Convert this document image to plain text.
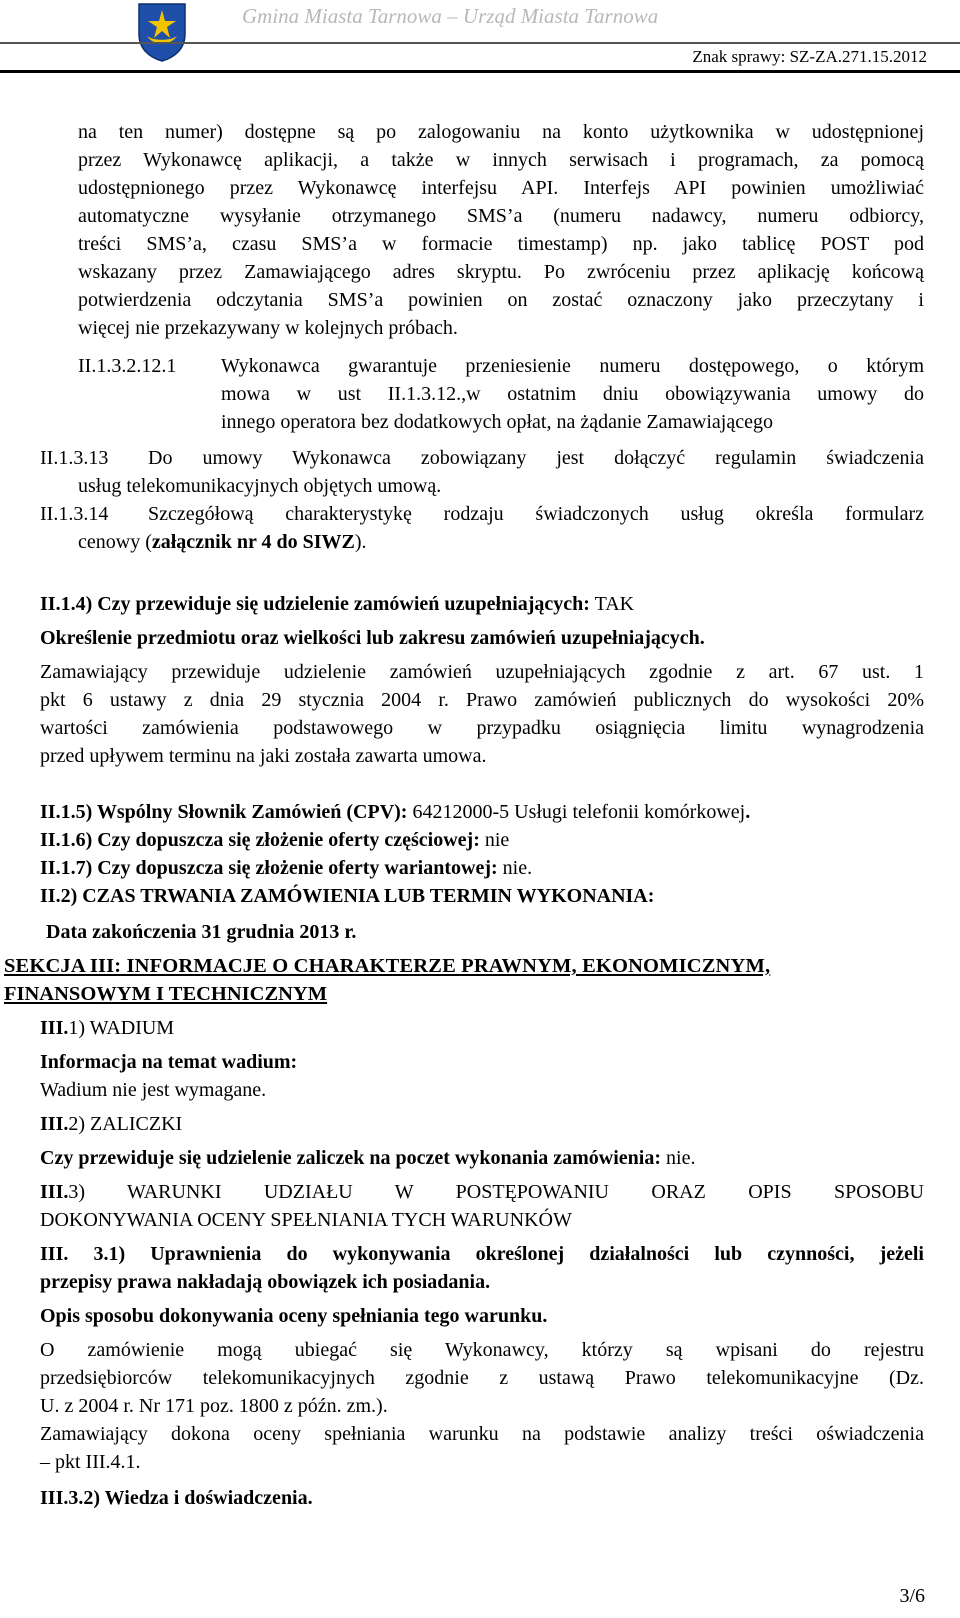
Gmina Miasta Tarnowa – Urząd Miasta Tarnowa
Znak sprawy: SZ-ZA.271.15.2012
na ten numer) dostępne są po zalogowaniu na konto użytkownika w udostępnionej
przez Wykonawcę aplikacji, a także w innych serwisach i programach, za pomocą
udostępnionego przez Wykonawcę interfejsu API. Interfejs API powinien umożliwiać
automatyczne wysyłanie otrzymanego SMS’a (numeru nadawcy, numeru odbiorcy,
treści SMS’a, czasu SMS’a w formacie timestamp) np. jako tablicę POST pod
wskazany przez Zamawiającego adres skryptu. Po zwróceniu przez aplikację końcową
potwierdzenia odczytania SMS’a powinien on zostać oznaczony jako przeczytany i
więcej nie przekazywany w kolejnych próbach.
II.1.3.2.12.1 Wykonawca gwarantuje przeniesienie numeru dostępowego, o którym
mowa w ust II.1.3.12.,w ostatnim dniu obowiązywania umowy do
innego operatora bez dodatkowych opłat, na żądanie Zamawiającego
II.1.3.13 Do umowy Wykonawca zobowiązany jest dołączyć regulamin świadczenia
usług telekomunikacyjnych objętych umową.
II.1.3.14 Szczegółową charakterystykę rodzaju świadczonych usług określa formularz
cenowy (załącznik nr 4 do SIWZ).
II.1.4) Czy przewiduje się udzielenie zamówień uzupełniających: TAK
Określenie przedmiotu oraz wielkości lub zakresu zamówień uzupełniających.
Zamawiający przewiduje udzielenie zamówień uzupełniających zgodnie z art. 67 ust. 1
pkt 6 ustawy z dnia 29 stycznia 2004 r. Prawo zamówień publicznych do wysokości 20%
wartości zamówienia podstawowego w przypadku osiągnięcia limitu wynagrodzenia
przed upływem terminu na jaki została zawarta umowa.
II.1.5) Wspólny Słownik Zamówień (CPV): 64212000-5 Usługi telefonii komórkowej.
II.1.6) Czy dopuszcza się złożenie oferty częściowej: nie
II.1.7) Czy dopuszcza się złożenie oferty wariantowej: nie.
II.2) CZAS TRWANIA ZAMÓWIENIA LUB TERMIN WYKONANIA:
Data zakończenia 31 grudnia 2013 r.
SEKCJA III: INFORMACJE O CHARAKTERZE PRAWNYM, EKONOMICZNYM,
FINANSOWYM I TECHNICZNYM
III.1) WADIUM
Informacja na temat wadium:
Wadium nie jest wymagane.
III.2) ZALICZKI
Czy przewiduje się udzielenie zaliczek na poczet wykonania zamówienia: nie.
III.3) WARUNKI UDZIAŁU W POSTĘPOWANIU ORAZ OPIS SPOSOBU
DOKONYWANIA OCENY SPEŁNIANIA TYCH WARUNKÓW
III. 3.1) Uprawnienia do wykonywania określonej działalności lub czynności, jeżeli
przepisy prawa nakładają obowiązek ich posiadania.
Opis sposobu dokonywania oceny spełniania tego warunku.
O zamówienie mogą ubiegać się Wykonawcy, którzy są wpisani do rejestru
przedsiębiorców telekomunikacyjnych zgodnie z ustawą Prawo telekomunikacyjne (Dz.
U. z 2004 r. Nr 171 poz. 1800 z późn. zm.).
Zamawiający dokona oceny spełniania warunku na podstawie analizy treści oświadczenia
– pkt III.4.1.
III.3.2) Wiedza i doświadczenia.
3/6
